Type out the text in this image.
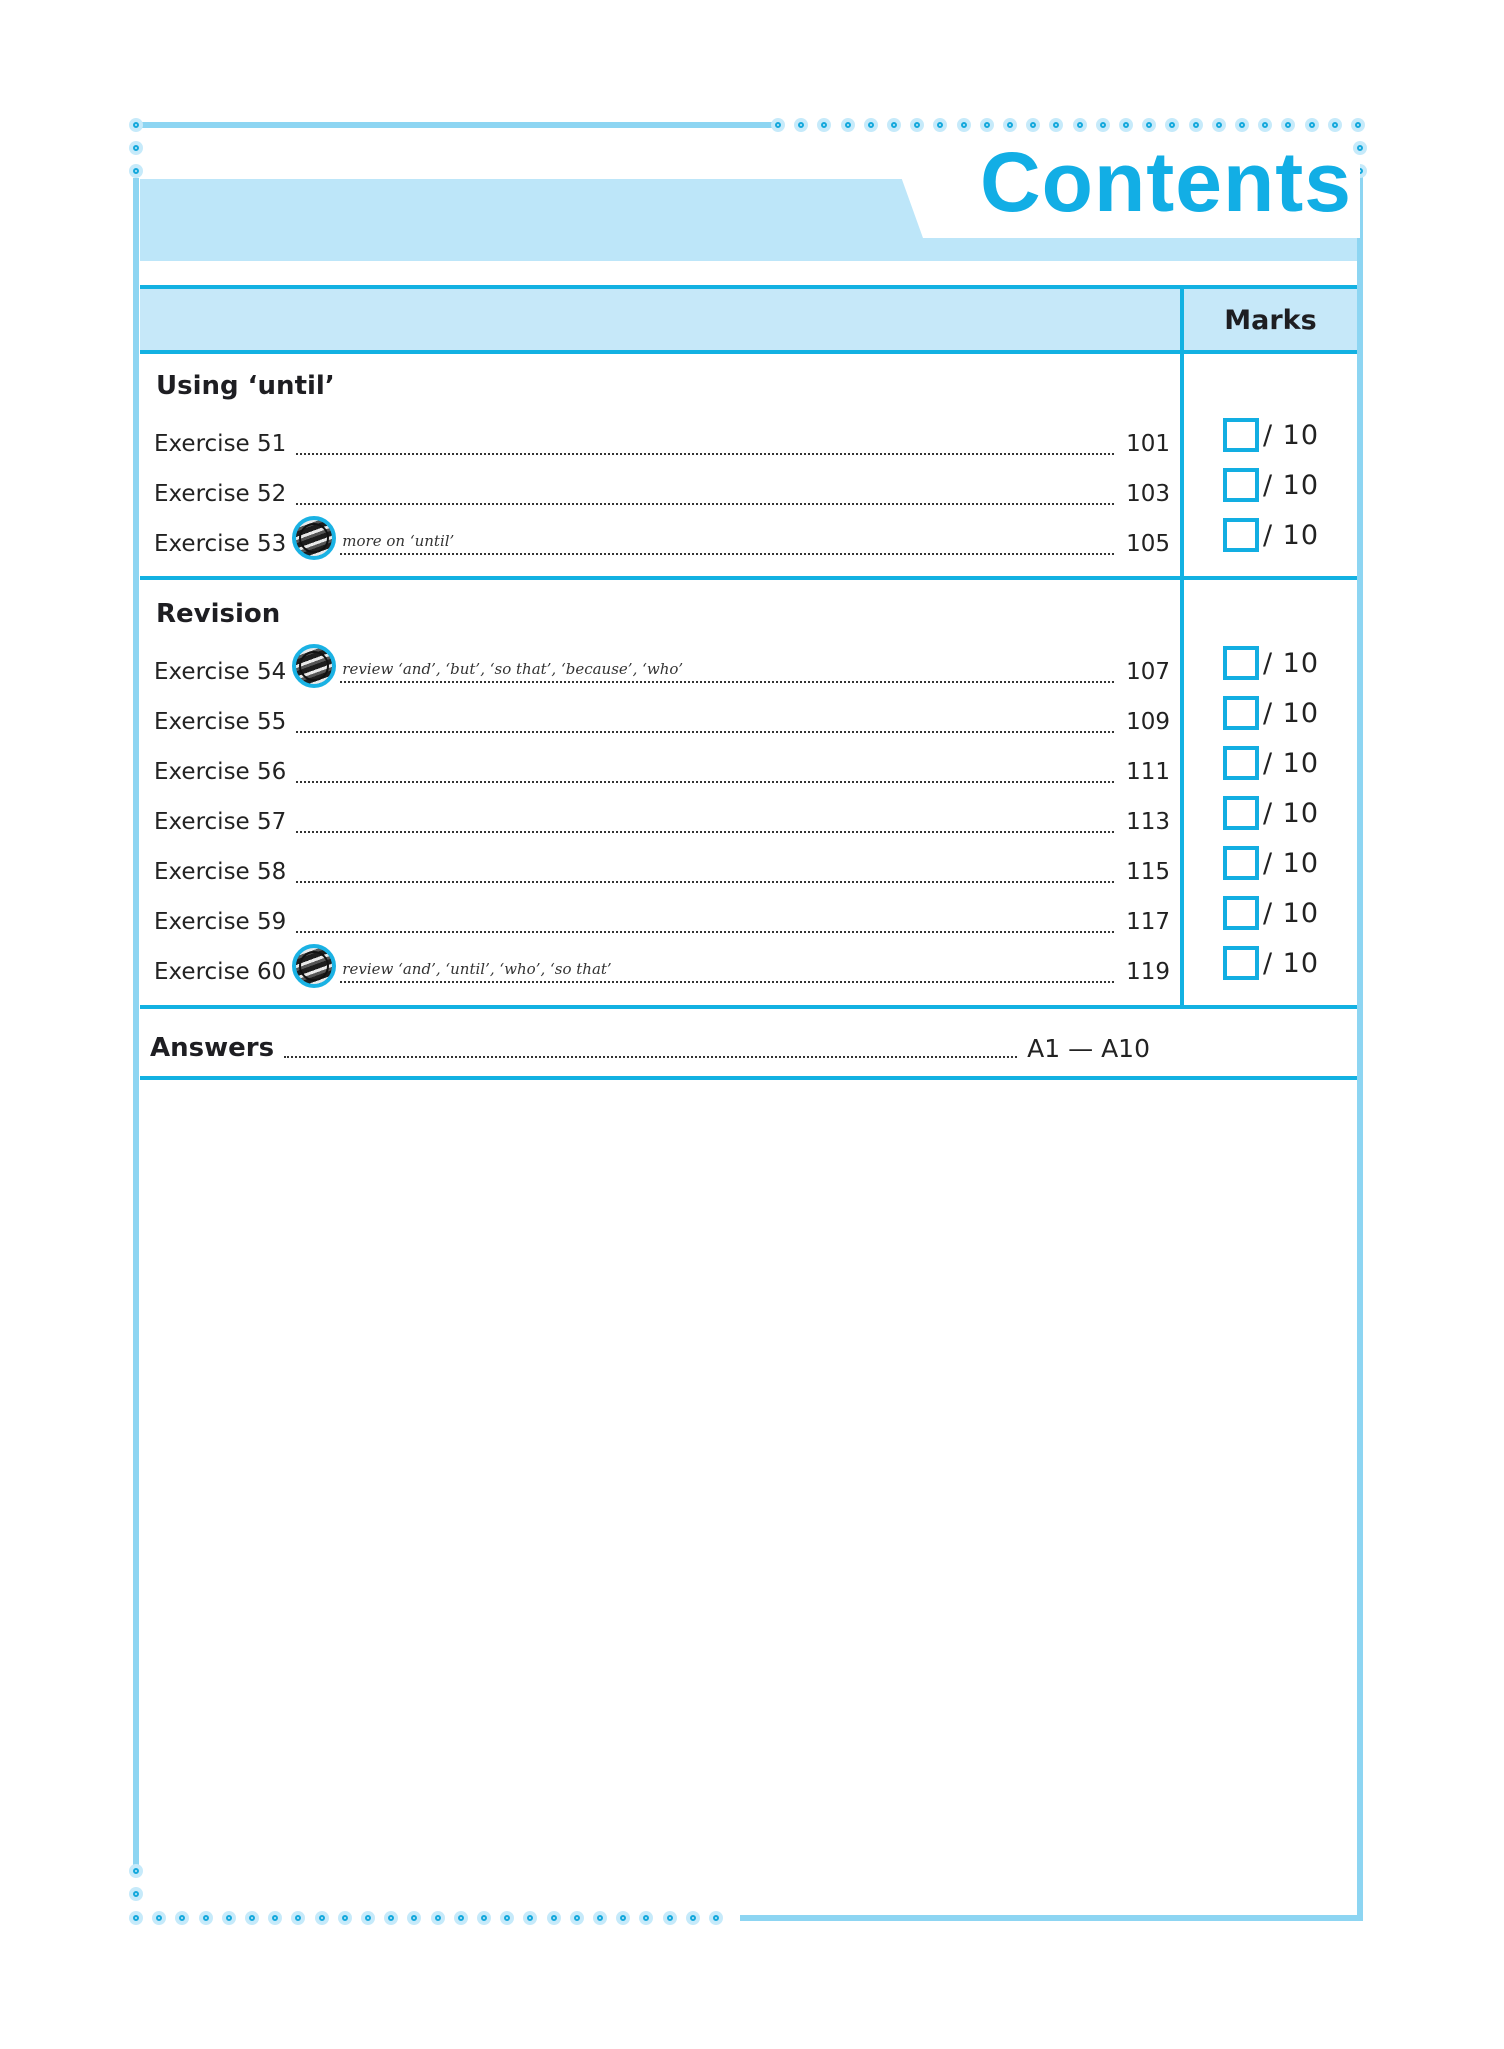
Contents
Marks
Using ‘until’
Exercise 51	101	/ 10
Exercise 52	103	/ 10
Exercise 53	more on ‘until’	105	/ 10
Revision
Exercise 54	review ‘and’, ‘but’, ‘so that’, ‘because’, ‘who’	107	/ 10
Exercise 55	109	/ 10
Exercise 56	111	/ 10
Exercise 57	113	/ 10
Exercise 58	115	/ 10
Exercise 59	117	/ 10
Exercise 60	review ‘and’, ‘until’, ‘who’, ‘so that’	119	/ 10
Answers	A1 — A10
